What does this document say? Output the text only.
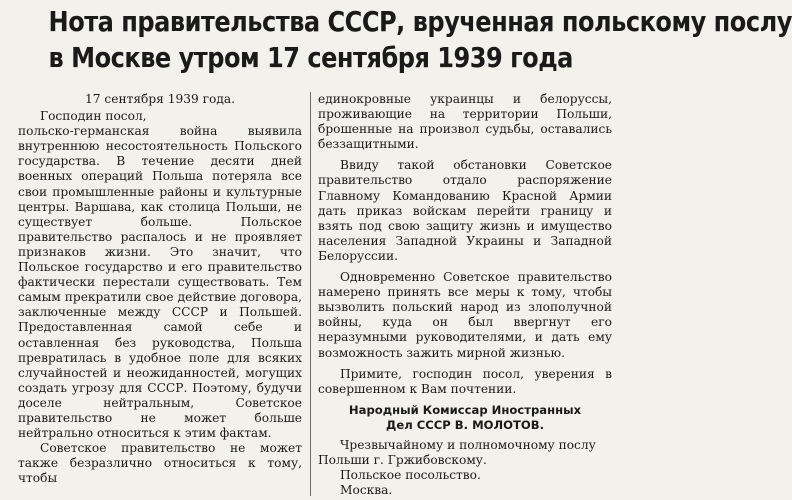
Нота правительства СССР, врученная польскому послу
в Москве утром 17 сентября 1939 года
17 сентября 1939 года.

Господин посол,

польско-германская война выявила внутреннюю несостоятельность Польского государства. В течение десяти дней военных операций Польша потеряла все свои промышленные районы и культурные центры. Варшава, как столица Польши, не существует больше. Польское правительство распалось и не проявляет признаков жизни. Это значит, что Польское государство и его правительство фактически перестали существовать. Тем самым прекратили свое действие договора, заключенные между СССР и Польшей. Предоставленная самой себе и оставленная без руководства, Польша превратилась в удобное поле для всяких случайностей и неожиданностей, могущих создать угрозу для СССР. Поэтому, будучи доселе нейтральным, Советское правительство не может больше нейтрально относиться к этим фактам.

Советское правительство не может также безразлично относиться к тому, чтобы

единокровные украинцы и белоруссы, проживающие на территории Польши, брошенные на произвол судьбы, оставались беззащитными.

Ввиду такой обстановки Советское правительство отдало распоряжение Главному Командованию Красной Армии дать приказ войскам перейти границу и взять под свою защиту жизнь и имущество населения Западной Украины и Западной Белоруссии.

Одновременно Советское правительство намерено принять все меры к тому, чтобы вызволить польский народ из злополучной войны, куда он был ввергнут его неразумными руководителями, и дать ему возможность зажить мирной жизнью.

Примите, господин посол, уверения в совершенном к Вам почтении.

Народный Комиссар Иностранных
Дел СССР В. МОЛОТОВ.

Чрезвычайному и полномочному послу Польши г. Гржибовскому.

Польское посольство.

Москва.
